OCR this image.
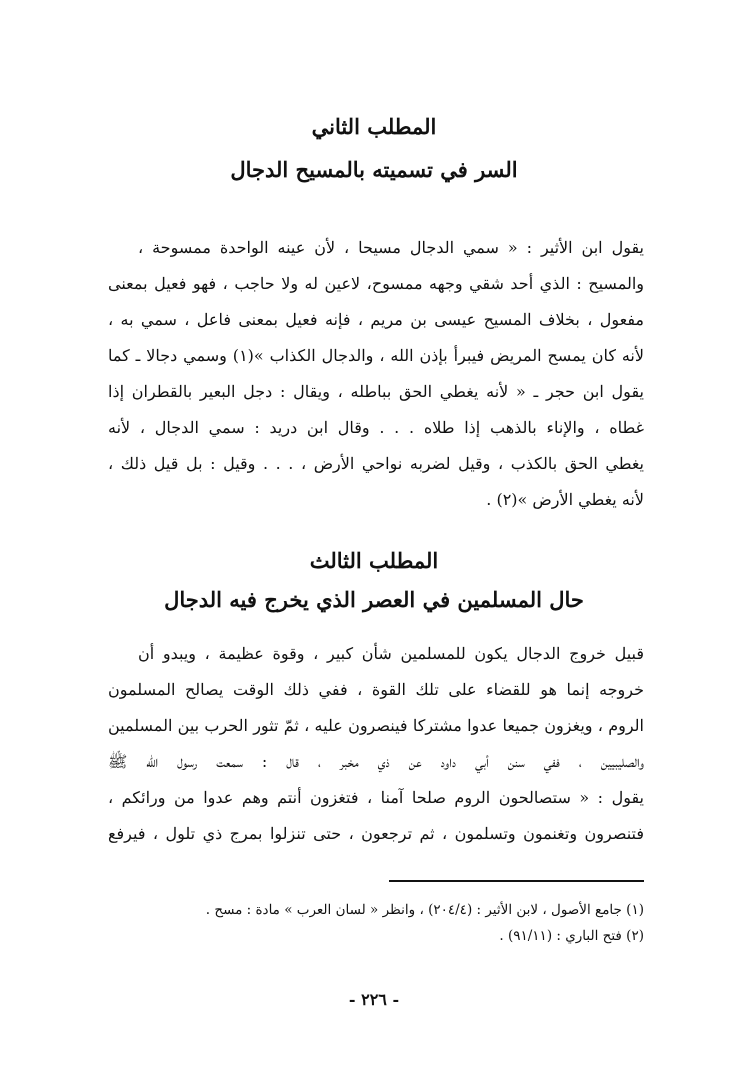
المطلب الثاني
السر في تسميته بالمسيح الدجال
يقول ابن الأثير : « سمي الدجال مسيحا ، لأن عينه الواحدة ممسوحة ،
والمسيح : الذي أحد شقي وجهه ممسوح، لاعين له ولا حاجب ، فهو فعيل بمعنى
مفعول ، بخلاف المسيح عيسى بن مريم ، فإنه فعيل بمعنى فاعل ، سمي به ،
لأنه كان يمسح المريض فيبرأ بإذن الله ، والدجال الكذاب »(١) وسمي دجالا ـ كما
يقول ابن حجر ـ « لأنه يغطي الحق بباطله ، ويقال : دجل البعير بالقطران إذا
غطاه ، والإناء بالذهب إذا طلاه . . . وقال ابن دريد : سمي الدجال ، لأنه
يغطي الحق بالكذب ، وقيل لضربه نواحي الأرض ، . . . وقيل : بل قيل ذلك ،
لأنه يغطي الأرض »(٢) .
المطلب الثالث
حال المسلمين في العصر الذي يخرج فيه الدجال
قبيل خروج الدجال يكون للمسلمين شأن كبير ، وقوة عظيمة ، ويبدو أن
خروجه إنما هو للقضاء على تلك القوة ، ففي ذلك الوقت يصالح المسلمون
الروم ، ويغزون جميعا عدوا مشتركا فينصرون عليه ، ثمّ تثور الحرب بين المسلمين
والصليبيين ، ففي سنن أبي داود عن ذي مخبر ، قال : سمعت رسول الله ﷺ
يقول : « ستصالحون الروم صلحا آمنا ، فتغزون أنتم وهم عدوا من ورائكم ،
فتنصرون وتغنمون وتسلمون ، ثم ترجعون ، حتى تنزلوا بمرج ذي تلول ، فيرفع
(١) جامع الأصول ، لابن الأثير : (٢٠٤/٤) ، وانظر « لسان العرب » مادة : مسح .
(٢) فتح الباري : (٩١/١١) .
- ٢٢٦ -
